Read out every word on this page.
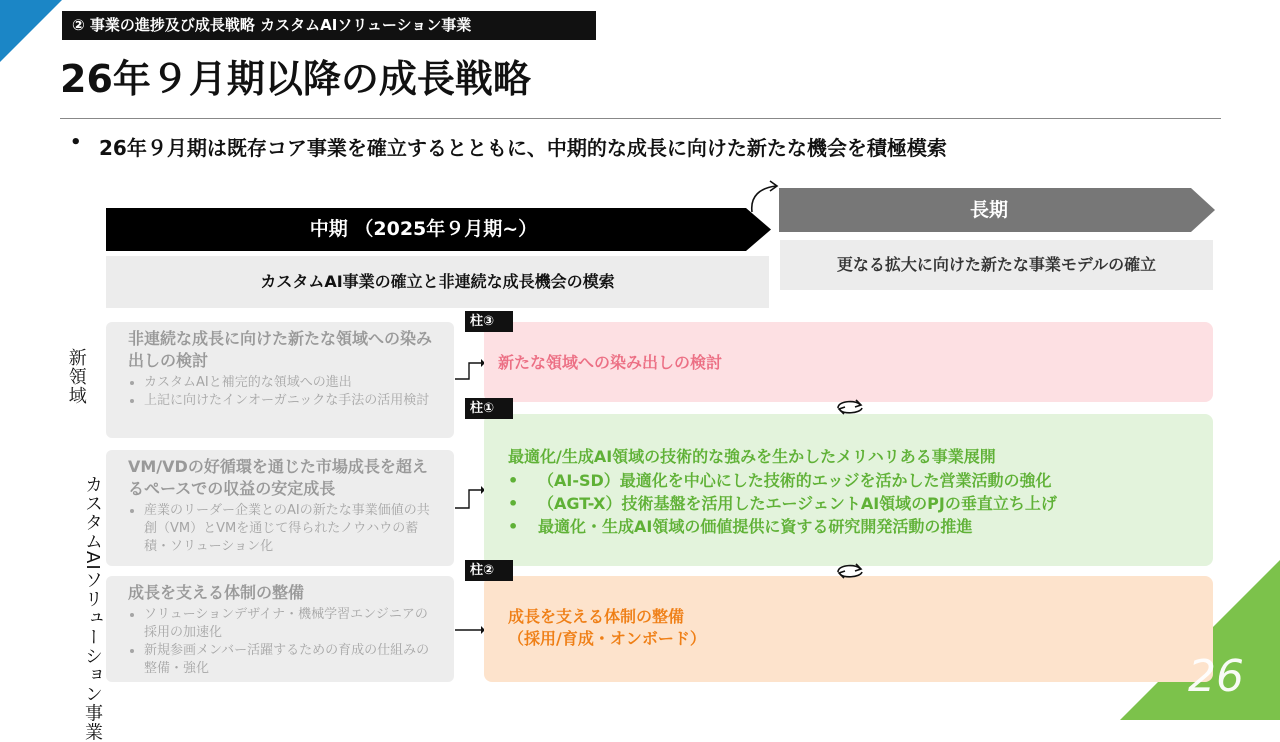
② 事業の進捗及び成長戦略 カスタムAIソリューション事業
26年９月期以降の成長戦略
• 26年９月期は既存コア事業を確立するとともに、中期的な成長に向けた新たな機会を積極模索
中期 （2025年９月期~）
長期
カスタムAI事業の確立と非連続な成長機会の模索
更なる拡大に向けた新たな事業モデルの確立
新領域
カスタムAIソリューション事業
非連続な成長に向けた新たな領域への染み出しの検討
• カスタムAIと補完的な領域への進出
• 上記に向けたインオーガニックな手法の活用検討
VM/VDの好循環を通じた市場成長を超えるペースでの収益の安定成長
• 産業のリーダー企業とのAIの新たな事業価値の共創（VM）とVMを通じて得られたノウハウの蓄積・ソリューション化
成長を支える体制の整備
• ソリューションデザイナ・機械学習エンジニアの採用の加速化
• 新規参画メンバー活躍するための育成の仕組みの整備・強化
柱③
柱①
柱②
新たな領域への染み出しの検討
最適化/生成AI領域の技術的な強みを生かしたメリハリある事業展開
• （AI-SD）最適化を中心にした技術的エッジを活かした営業活動の強化
• （AGT-X）技術基盤を活用したエージェントAI領域のPJの垂直立ち上げ
• 最適化・生成AI領域の価値提供に資する研究開発活動の推進
成長を支える体制の整備
（採用/育成・オンボード）
26
